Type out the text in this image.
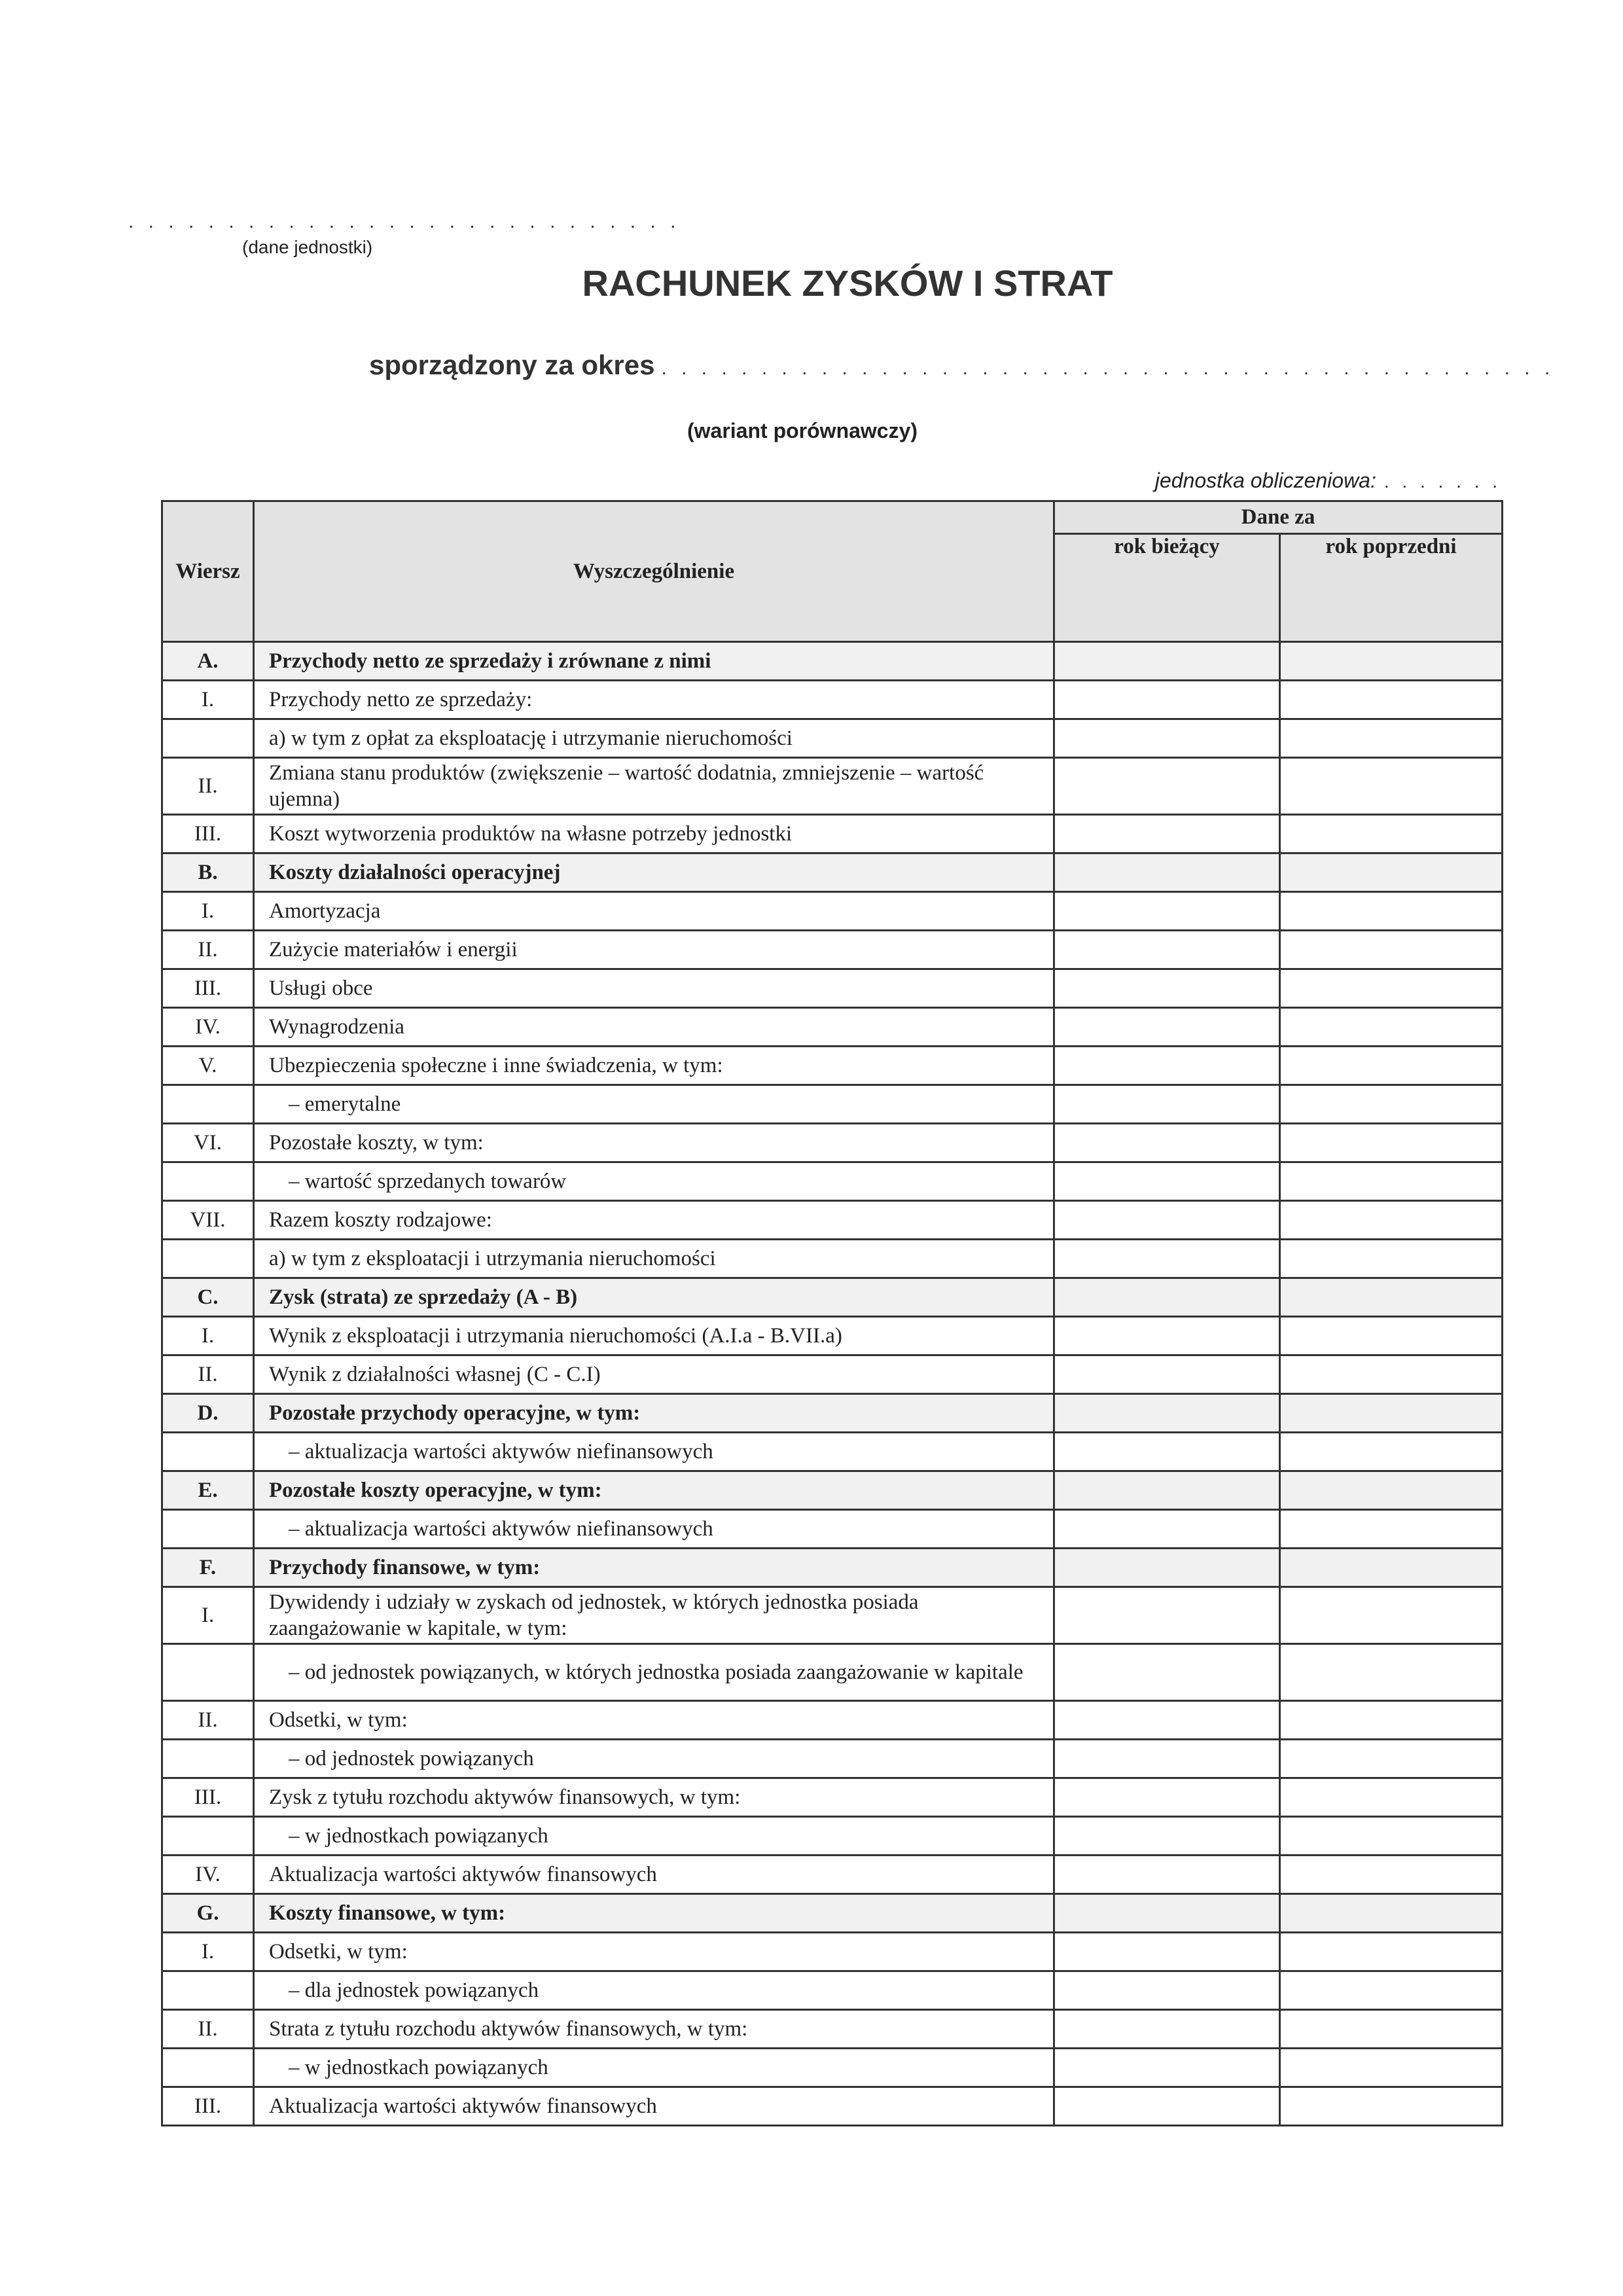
. . . . . . . . . . . . . . . . . . . . . . . . . . . .
(dane jednostki)
RACHUNEK ZYSKÓW I STRAT
sporządzony za okres . . . . . . . . . . . . . . . . . . . . . . . . . . . . . . . . . . . . . . . . . . . . .
(wariant porównawczy)
jednostka obliczeniowa: . . . . . . .
Wiersz	Wyszczególnienie	Dane za	
		rok bieżący	rok poprzedni
A.	Przychody netto ze sprzedaży i zrównane z nimi		
I.	Przychody netto ze sprzedaży:		
	a) w tym z opłat za eksploatację i utrzymanie nieruchomości		
II.	Zmiana stanu produktów (zwiększenie – wartość dodatnia, zmniejszenie – wartość ujemna)		
III.	Koszt wytworzenia produktów na własne potrzeby jednostki		
B.	Koszty działalności operacyjnej		
I.	Amortyzacja		
II.	Zużycie materiałów i energii		
III.	Usługi obce		
IV.	Wynagrodzenia		
V.	Ubezpieczenia społeczne i inne świadczenia, w tym:		
	– emerytalne		
VI.	Pozostałe koszty, w tym:		
	– wartość sprzedanych towarów		
VII.	Razem koszty rodzajowe:		
	a) w tym z eksploatacji i utrzymania nieruchomości		
C.	Zysk (strata) ze sprzedaży (A - B)		
I.	Wynik z eksploatacji i utrzymania nieruchomości (A.I.a - B.VII.a)		
II.	Wynik z działalności własnej (C - C.I)		
D.	Pozostałe przychody operacyjne, w tym:		
	– aktualizacja wartości aktywów niefinansowych		
E.	Pozostałe koszty operacyjne, w tym:		
	– aktualizacja wartości aktywów niefinansowych		
F.	Przychody finansowe, w tym:		
I.	Dywidendy i udziały w zyskach od jednostek, w których jednostka posiada zaangażowanie w kapitale, w tym:		
	– od jednostek powiązanych, w których jednostka posiada zaangażowanie w kapitale		
II.	Odsetki, w tym:		
	– od jednostek powiązanych		
III.	Zysk z tytułu rozchodu aktywów finansowych, w tym:		
	– w jednostkach powiązanych		
IV.	Aktualizacja wartości aktywów finansowych		
G.	Koszty finansowe, w tym:		
I.	Odsetki, w tym:		
	– dla jednostek powiązanych		
II.	Strata z tytułu rozchodu aktywów finansowych, w tym:		
	– w jednostkach powiązanych		
III.	Aktualizacja wartości aktywów finansowych		
